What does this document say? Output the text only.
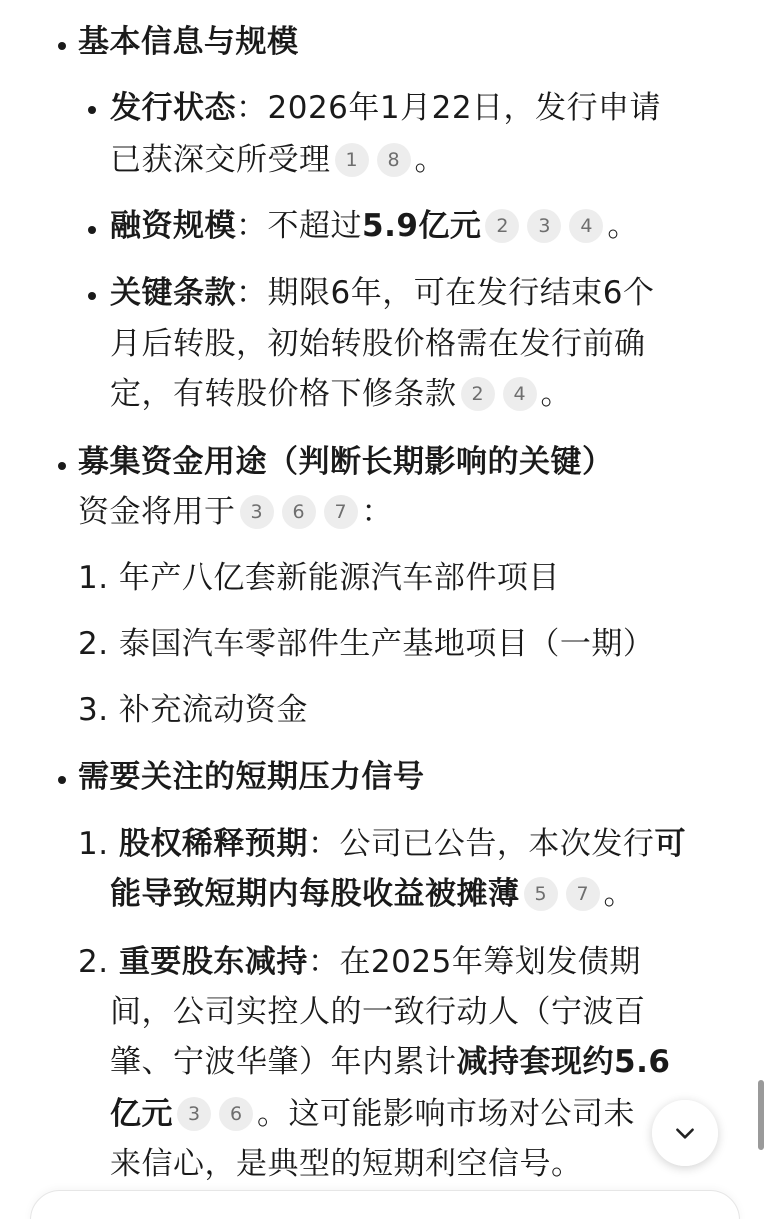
基本信息与规模
发行状态：2026年1月22日，发行申请
已获深交所受理 1 8 。
融资规模：不超过5.9亿元 2 3 4 。
关键条款：期限6年，可在发行结束6个
月后转股，初始转股价格需在发行前确
定，有转股价格下修条款 2 4 。
募集资金用途（判断长期影响的关键）
资金将用于 3 6 7 ：
1. 年产八亿套新能源汽车部件项目
2. 泰国汽车零部件生产基地项目（一期）
3. 补充流动资金
需要关注的短期压力信号
1. 股权稀释预期：公司已公告，本次发行可
能导致短期内每股收益被摊薄 5 7 。
2. 重要股东减持：在2025年筹划发债期
间，公司实控人的一致行动人（宁波百
肇、宁波华肇）年内累计减持套现约5.6
亿元 3 6 。这可能影响市场对公司未
来信心，是典型的短期利空信号。
